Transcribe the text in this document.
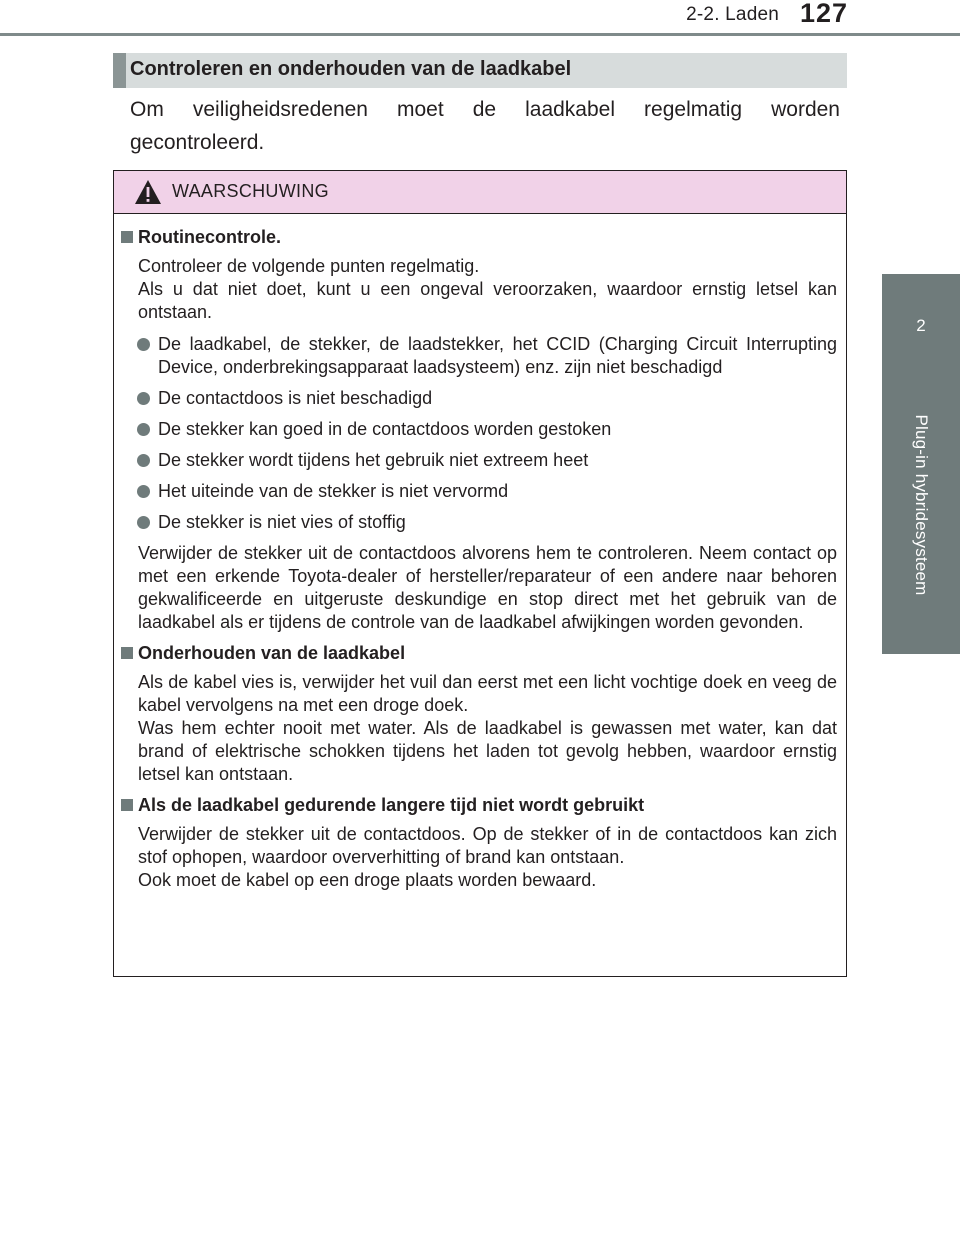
2-2. Laden 127
2
Plug-in hybridesysteem
Controleren en onderhouden van de laadkabel
Om veiligheidsredenen moet de laadkabel regelmatig worden gecontroleerd.
WAARSCHUWING
Routinecontrole.
Controleer de volgende punten regelmatig.
Als u dat niet doet, kunt u een ongeval veroorzaken, waardoor ernstig letsel kan ontstaan.
De laadkabel, de stekker, de laadstekker, het CCID (Charging Circuit Interrupting Device, onderbrekingsapparaat laadsysteem) enz. zijn niet beschadigd
De contactdoos is niet beschadigd
De stekker kan goed in de contactdoos worden gestoken
De stekker wordt tijdens het gebruik niet extreem heet
Het uiteinde van de stekker is niet vervormd
De stekker is niet vies of stoffig
Verwijder de stekker uit de contactdoos alvorens hem te controleren. Neem contact op met een erkende Toyota-dealer of hersteller/reparateur of een andere naar behoren gekwalificeerde en uitgeruste deskundige en stop direct met het gebruik van de laadkabel als er tijdens de controle van de laadkabel afwijkingen worden gevonden.
Onderhouden van de laadkabel
Als de kabel vies is, verwijder het vuil dan eerst met een licht vochtige doek en veeg de kabel vervolgens na met een droge doek.
Was hem echter nooit met water. Als de laadkabel is gewassen met water, kan dat brand of elektrische schokken tijdens het laden tot gevolg hebben, waardoor ernstig letsel kan ontstaan.
Als de laadkabel gedurende langere tijd niet wordt gebruikt
Verwijder de stekker uit de contactdoos. Op de stekker of in de contactdoos kan zich stof ophopen, waardoor oververhitting of brand kan ontstaan.
Ook moet de kabel op een droge plaats worden bewaard.
